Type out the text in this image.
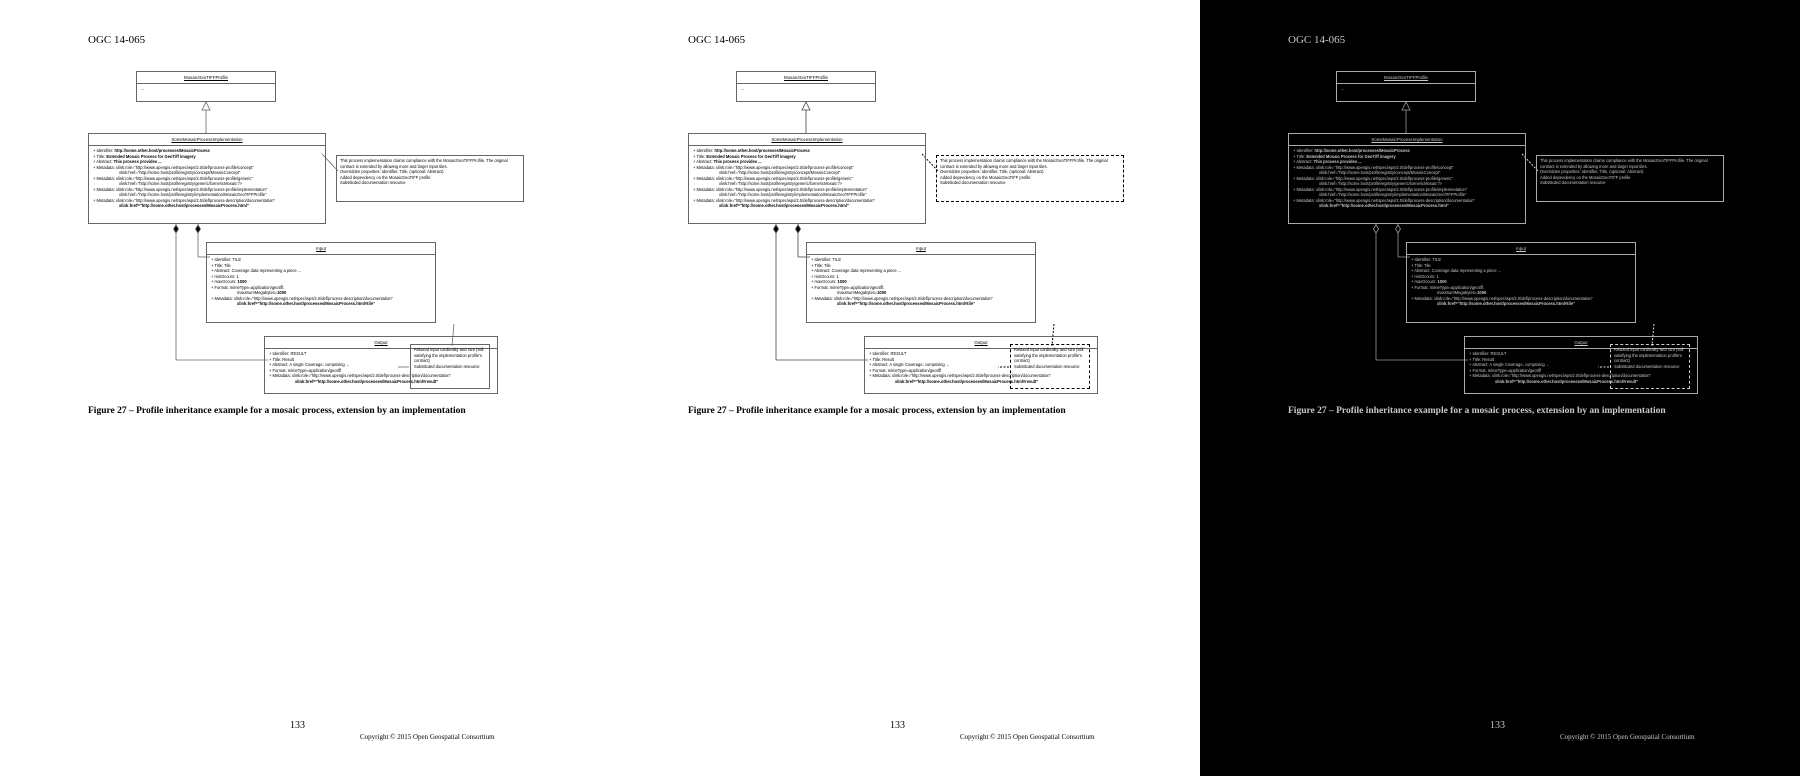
OGC 14-065
MosaicGeoTIFFProfile
...
SomeMosaicProcessImplementation
+ Identifier: http://some.other.host/processes/MosaicProcess
+ Title: Extended Mosaic Process for GeoTiff imagery
+ Abstract: This process provides ...
+ Metadata: xlink:role="http://www.opengis.net/spec/wps/2.0/def/process-profile/concept"
xlink:href="http://some.host/profileregistry/concept/MosaicConcept"
+ Metadata: xlink:role="http://www.opengis.net/spec/wps/2.0/def/process-profile/generic"
xlink:href="http://some.host/profileregistry/generic/GenericMosaic"/>
+ Metadata: xlink:role="http://www.opengis.net/spec/wps/2.0/def/process-profile/implementation"
xlink:href="http://some.host/profileregistry/implementation/MosaicGeoTIFFProfile"
+ Metadata: xlink:role="http://www.opengis.net/spec/wps/2.0/def/process-description/documentation"
xlink:href="http://some.other.host/processes/MosaicProcess.html"
This process implementation claims compliance with the MosaicGeoTIFFProfile. The original contract is extended by allowing more and larger input tiles.
Overridden properties: Identifier, Title, (optional: Abstract)
Added dependency on the MosaicGeoTIFF profile
Substituted documentation resource
Input
+ Identifier: TILE
+ Title: Tile
+ Abstract: Coverage data representing a piece ...
+ minOccurs: 1
+ maxOccurs: 1000
+ Format: mimeType=application/geotiff,
maximumMegabytes=1000
+ Metadata: xlink:role="http://www.opengis.net/spec/wps/2.0/def/process-description/documentation"
xlink:href="http://some.other.host/processes/MosaicProcess.html#tile"
Output
+ Identifier: RESULT
+ Title: Result
+ Abstract: A single Coverage, comprising ...
+ Format: mimeType=application/geotiff
+ Metadata: xlink:role="http://www.opengis.net/spec/wps/2.0/def/process-description/documentation"
xlink:href="http://some.other.host/processes/MosaicProcess.html#result"
Relaxed input cardinality and size (still satisfying the implementation profile's contract)
Substituted documentation resource
Figure 27 – Profile inheritance example for a mosaic process, extension by an implementation
133
Copyright © 2015 Open Geospatial Consortium
OGC 14-065
MosaicGeoTIFFProfile
...
SomeMosaicProcessImplementation
+ Identifier: http://some.other.host/processes/MosaicProcess
+ Title: Extended Mosaic Process for GeoTiff imagery
+ Abstract: This process provides ...
+ Metadata: xlink:role="http://www.opengis.net/spec/wps/2.0/def/process-profile/concept"
xlink:href="http://some.host/profileregistry/concept/MosaicConcept"
+ Metadata: xlink:role="http://www.opengis.net/spec/wps/2.0/def/process-profile/generic"
xlink:href="http://some.host/profileregistry/generic/GenericMosaic"/>
+ Metadata: xlink:role="http://www.opengis.net/spec/wps/2.0/def/process-profile/implementation"
xlink:href="http://some.host/profileregistry/implementation/MosaicGeoTIFFProfile"
+ Metadata: xlink:role="http://www.opengis.net/spec/wps/2.0/def/process-description/documentation"
xlink:href="http://some.other.host/processes/MosaicProcess.html"
This process implementation claims compliance with the MosaicGeoTIFFProfile. The original contract is extended by allowing more and larger input tiles.
Overridden properties: Identifier, Title, (optional: Abstract)
Added dependency on the MosaicGeoTIFF profile
Substituted documentation resource
Input
+ Identifier: TILE
+ Title: Tile
+ Abstract: Coverage data representing a piece ...
+ minOccurs: 1
+ maxOccurs: 1000
+ Format: mimeType=application/geotiff,
maximumMegabytes=1000
+ Metadata: xlink:role="http://www.opengis.net/spec/wps/2.0/def/process-description/documentation"
xlink:href="http://some.other.host/processes/MosaicProcess.html#tile"
Output
+ Identifier: RESULT
+ Title: Result
+ Abstract: A single Coverage, comprising ...
+ Format: mimeType=application/geotiff
+ Metadata: xlink:role="http://www.opengis.net/spec/wps/2.0/def/process-description/documentation"
xlink:href="http://some.other.host/processes/MosaicProcess.html#result"
Relaxed input cardinality and size (still satisfying the implementation profile's contract)
Substituted documentation resource
Figure 27 – Profile inheritance example for a mosaic process, extension by an implementation
133
Copyright © 2015 Open Geospatial Consortium
OGC 14-065
MosaicGeoTIFFProfile
...
SomeMosaicProcessImplementation
+ Identifier: http://some.other.host/processes/MosaicProcess
+ Title: Extended Mosaic Process for GeoTiff imagery
+ Abstract: This process provides ...
+ Metadata: xlink:role="http://www.opengis.net/spec/wps/2.0/def/process-profile/concept"
xlink:href="http://some.host/profileregistry/concept/MosaicConcept"
+ Metadata: xlink:role="http://www.opengis.net/spec/wps/2.0/def/process-profile/generic"
xlink:href="http://some.host/profileregistry/generic/GenericMosaic"/>
+ Metadata: xlink:role="http://www.opengis.net/spec/wps/2.0/def/process-profile/implementation"
xlink:href="http://some.host/profileregistry/implementation/MosaicGeoTIFFProfile"
+ Metadata: xlink:role="http://www.opengis.net/spec/wps/2.0/def/process-description/documentation"
xlink:href="http://some.other.host/processes/MosaicProcess.html"
This process implementation claims compliance with the MosaicGeoTIFFProfile. The original contract is extended by allowing more and larger input tiles.
Overridden properties: Identifier, Title, (optional: Abstract)
Added dependency on the MosaicGeoTIFF profile
Substituted documentation resource
Input
+ Identifier: TILE
+ Title: Tile
+ Abstract: Coverage data representing a piece ...
+ minOccurs: 1
+ maxOccurs: 1000
+ Format: mimeType=application/geotiff,
maximumMegabytes=1000
+ Metadata: xlink:role="http://www.opengis.net/spec/wps/2.0/def/process-description/documentation"
xlink:href="http://some.other.host/processes/MosaicProcess.html#tile"
Output
+ Identifier: RESULT
+ Title: Result
+ Abstract: A single Coverage, comprising ...
+ Format: mimeType=application/geotiff
+ Metadata: xlink:role="http://www.opengis.net/spec/wps/2.0/def/process-description/documentation"
xlink:href="http://some.other.host/processes/MosaicProcess.html#result"
Relaxed input cardinality and size (still satisfying the implementation profile's contract)
Substituted documentation resource
Figure 27 – Profile inheritance example for a mosaic process, extension by an implementation
133
Copyright © 2015 Open Geospatial Consortium
